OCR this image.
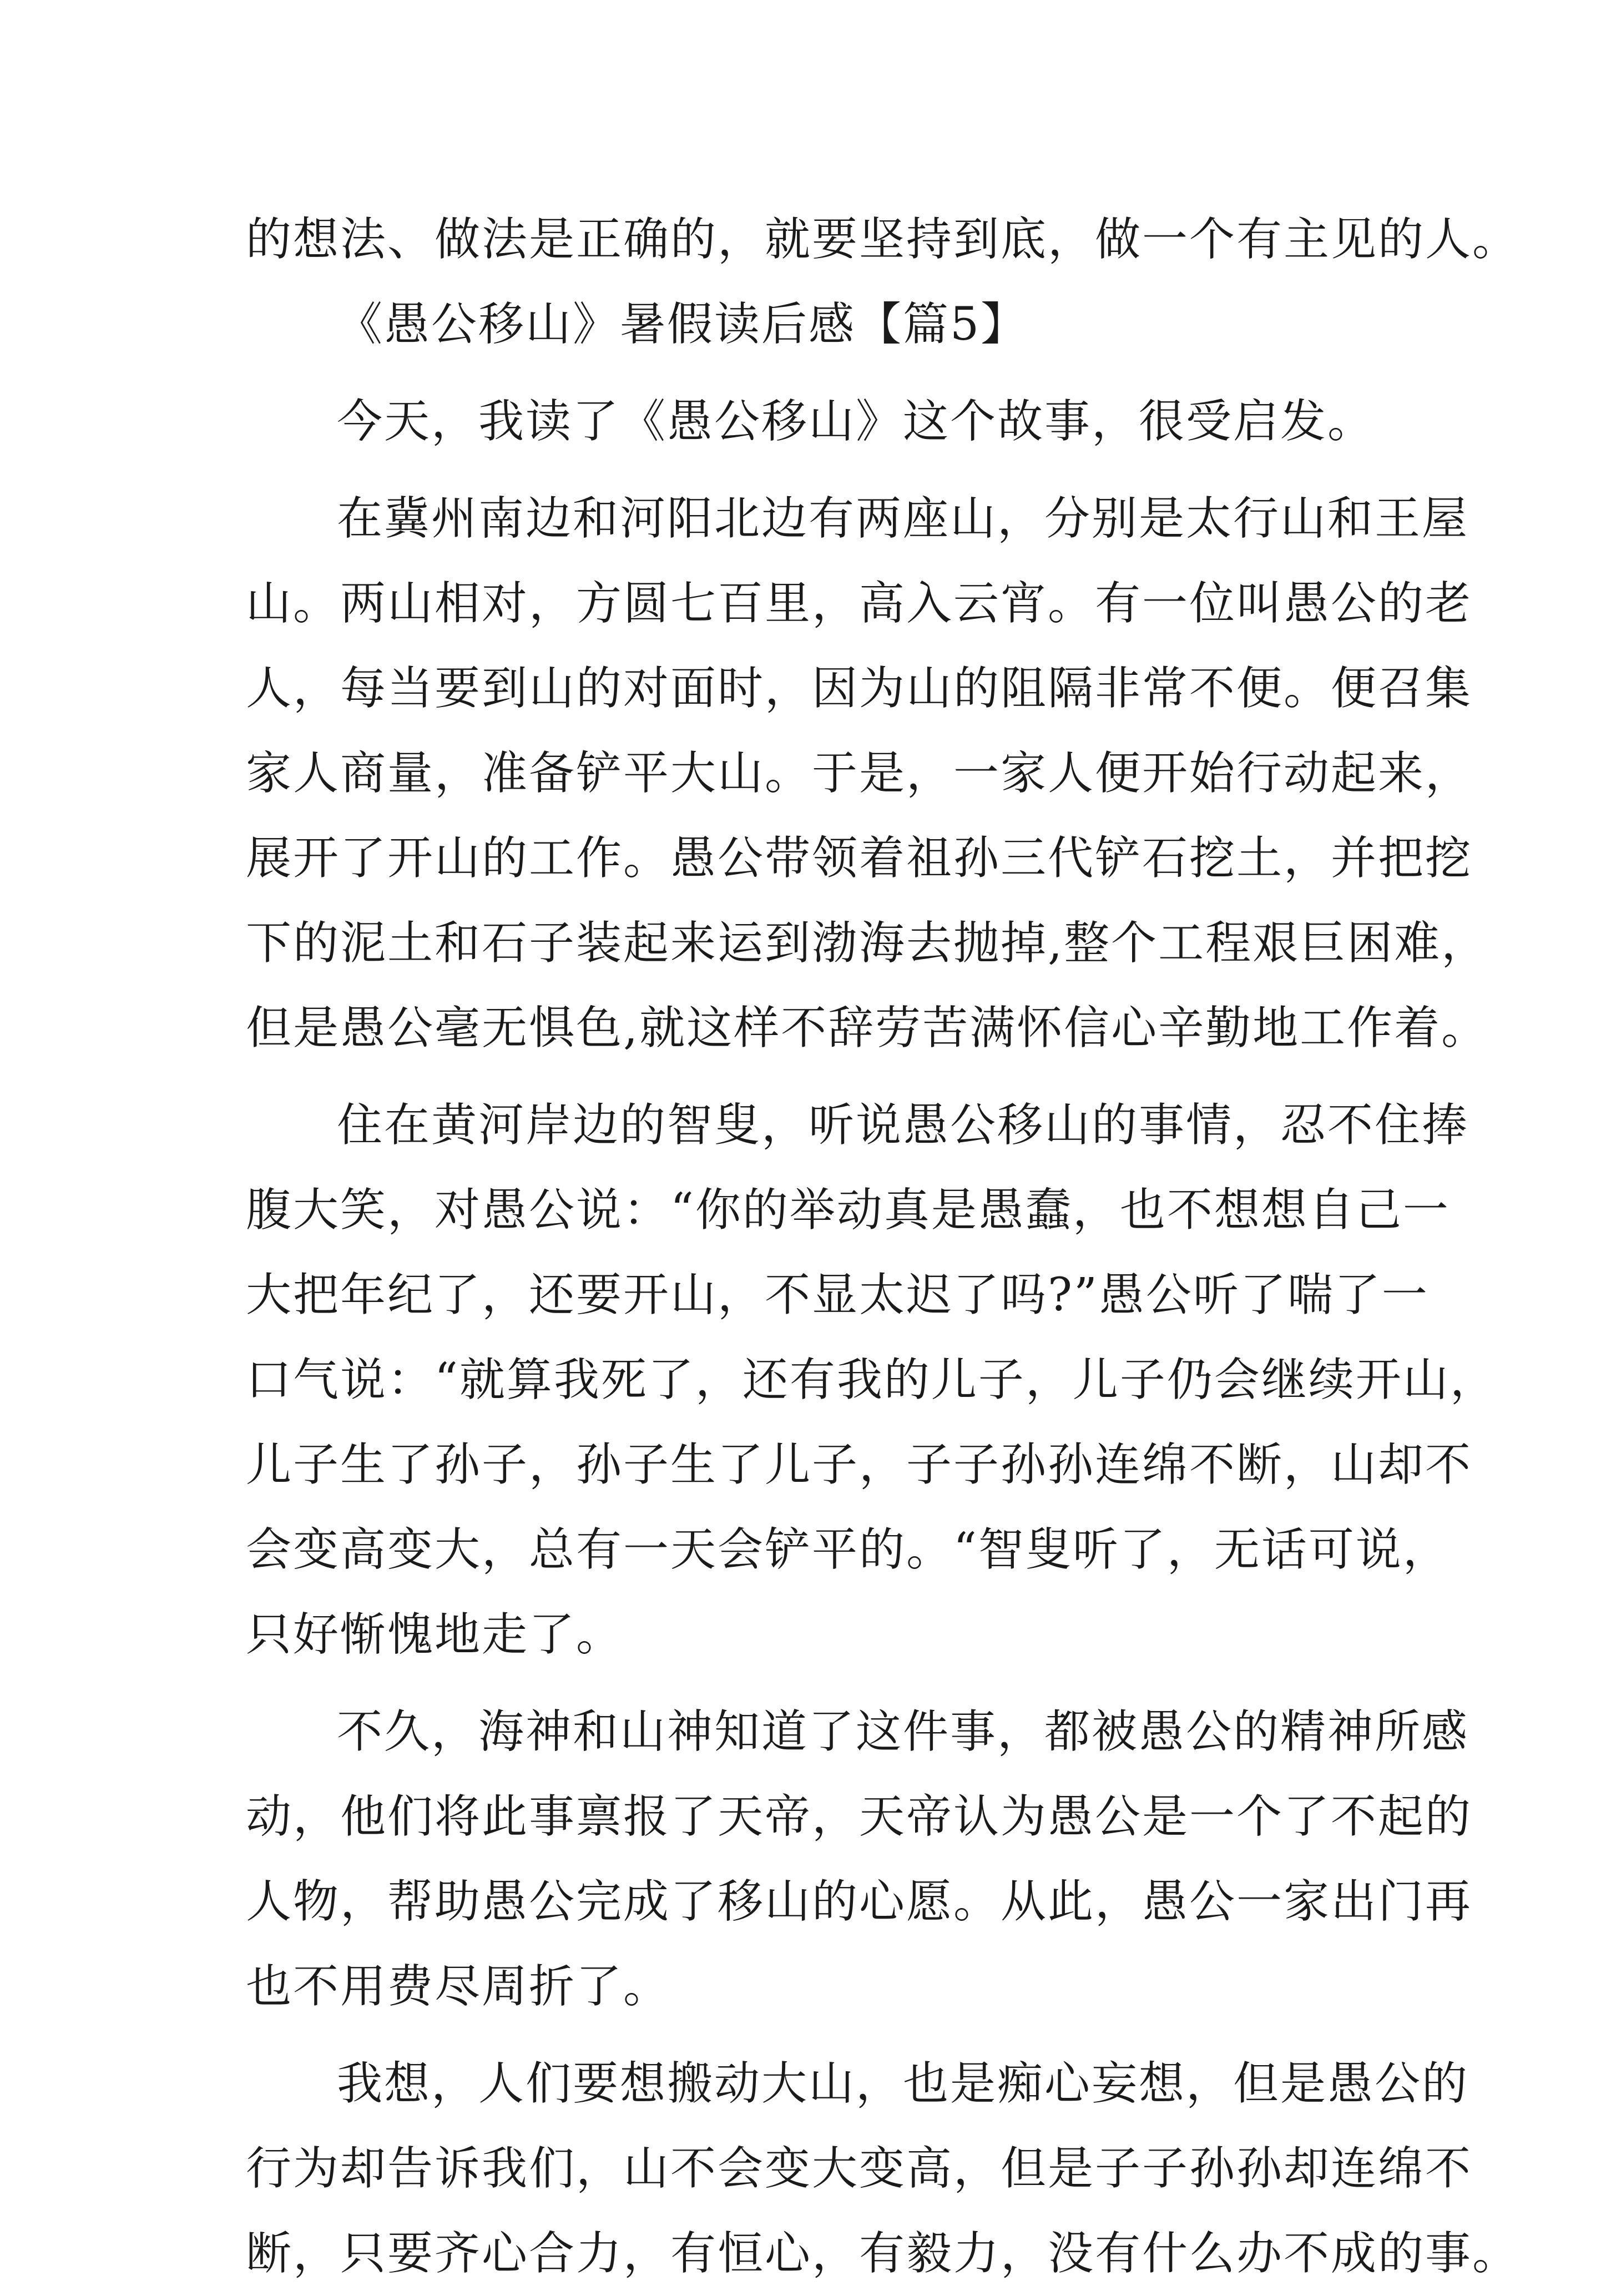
的想法、做法是正确的，就要坚持到底，做一个有主见的人。
《愚公移山》暑假读后感【篇5】
今天，我读了《愚公移山》这个故事，很受启发。
在冀州南边和河阳北边有两座山，分别是太行山和王屋
山。两山相对，方圆七百里，高入云宵。有一位叫愚公的老
人，每当要到山的对面时，因为山的阻隔非常不便。便召集
家人商量，准备铲平大山。于是，一家人便开始行动起来，
展开了开山的工作。愚公带领着祖孙三代铲石挖土，并把挖
下的泥土和石子装起来运到渤海去抛掉,整个工程艰巨困难，
但是愚公毫无惧色,就这样不辞劳苦满怀信心辛勤地工作着。
住在黄河岸边的智叟，听说愚公移山的事情，忍不住捧
腹大笑，对愚公说：“你的举动真是愚蠢，也不想想自己一
大把年纪了，还要开山，不显太迟了吗?”愚公听了喘了一
口气说：“就算我死了，还有我的儿子，儿子仍会继续开山，
儿子生了孙子，孙子生了儿子，子子孙孙连绵不断，山却不
会变高变大，总有一天会铲平的。“智叟听了，无话可说，
只好惭愧地走了。
不久，海神和山神知道了这件事，都被愚公的精神所感
动，他们将此事禀报了天帝，天帝认为愚公是一个了不起的
人物，帮助愚公完成了移山的心愿。从此，愚公一家出门再
也不用费尽周折了。
我想，人们要想搬动大山，也是痴心妄想，但是愚公的
行为却告诉我们，山不会变大变高，但是子子孙孙却连绵不
断，只要齐心合力，有恒心，有毅力，没有什么办不成的事。
